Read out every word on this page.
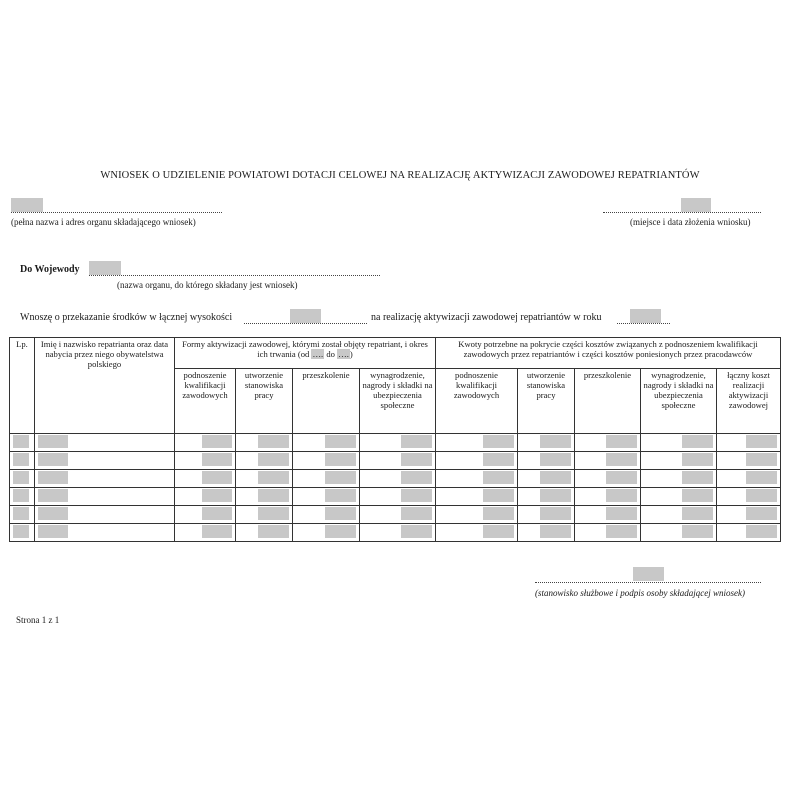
WNIOSEK O UDZIELENIE POWIATOWI DOTACJI CELOWEJ NA REALIZACJĘ AKTYWIZACJI ZAWODOWEJ REPATRIANTÓW
(pełna nazwa i adres organu składającego wniosek)	(miejsce i data złożenia wniosku)
Do Wojewody
(nazwa organu, do którego składany jest wniosek)
Wnoszę o przekazanie środków w łącznej wysokości	na realizację aktywizacji zawodowej repatriantów w roku
Lp.	Imię i nazwisko repatrianta oraz data nabycia przez niego obywatelstwa polskiego	Formy aktywizacji zawodowej, którymi został objęty repatriant, i okres ich trwania (od …. do ….)				Kwoty potrzebne na pokrycie części kosztów związanych z podnoszeniem kwalifikacji zawodowych przez repatriantów i części kosztów poniesionych przez pracodawców				
		podnoszenie kwalifikacji zawodowych	utworzenie stanowiska pracy	przeszkolenie	wynagrodzenie, nagrody i składki na ubezpieczenia społeczne	podnoszenie kwalifikacji zawodowych	utworzenie stanowiska pracy	przeszkolenie	wynagrodzenie, nagrody i składki na ubezpieczenia społeczne	łączny koszt realizacji aktywizacji zawodowej

(stanowisko służbowe i podpis osoby składającej wniosek)
Strona 1 z 1
